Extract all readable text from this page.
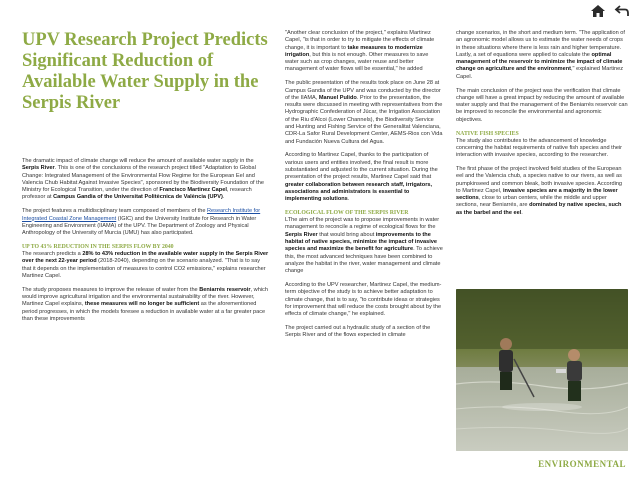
UPV Research Project Predicts Significant Reduction of Available Water Supply in the Serpis River

The dramatic impact of climate change will reduce the amount of available water supply in the Serpis River. This is one of the conclusions of the research project titled "Adaptation to Global Change: Integrated Management of the Environmental Flow Regime for the European Eel and Valencia Chub Habitat Against Invasive Species", sponsored by the Biodiversity Foundation of the Ministry for Ecological Transition, under the direction of Francisco Martinez Capel, research professor at Campus Gandia of the Universitat Politècnica de València (UPV).

The project features a multidisciplinary team composed of members of the Research Institute for Integrated Coastal Zone Management (IGIC) and the University Institute for Research in Water Engineering and Environment (IIAMA) of the UPV. The Department of Zoology and Physical Anthropology of the University of Murcia (UMU) has also participated.

UP TO 43% REDUCTION IN THE SERPIS FLOW BY 2040

The research predicts a 28% to 43% reduction in the available water supply in the Serpis River over the next 22-year period (2018-2040), depending on the scenario analyzed. "That is to say that it depends on the implementation of measures to control CO2 emissions," explains researcher Martinez Capel.

The study proposes measures to improve the release of water from the Beniarrés reservoir, which would improve agricultural irrigation and the environmental sustainability of the river. However, Martinez Capel explains, these measures will no longer be sufficient as the aforementioned period progresses, in which the models foresee a reduction in available water at a far greater pace than these improvements

"Another clear conclusion of the project," explains Martinez Capel, "is that in order to try to mitigate the effects of climate change, it is important to take measures to modernize irrigation, but this is not enough. Other measures to save water such as crop changes, water reuse and better management of water flows will be essential," he added

The public presentation of the results took place on June 28 at Campus Gandia of the UPV and was conducted by the director of the IIAMA, Manuel Pulido. Prior to the presentation, the results were discussed in meeting with representatives from the Hydrographic Confederation of Júcar, the Irrigation Association of the Riu d'Alcoi (Lower Channels), the Biodiversity Service and Hunting and Fishing Service of the Generalitat Valenciana, CDR-La Safor Rural Development Center, AEMS-Rios con Vida and Fundación Nueva Cultura del Agua.

According to Martinez Capel, thanks to the participation of various users and entities involved, the final result is more substantiated and adjusted to the current situation. During the presentation of the project results, Martinez Capel said that greater collaboration between research staff, irrigators, associations and administrators is essential to implementing solutions.

ECOLOGICAL FLOW OF THE SERPIS RIVER

LThe aim of the project was to propose improvements in water management to reconcile a regime of ecological flows for the Serpis River that would bring about improvements to the habitat of native species, minimize the impact of invasive species and maximize the benefit for agriculture. To achieve this, the most advanced techniques have been combined to analyze the habitat in the river, water management and climate change

According to the UPV researcher, Martinez Capel, the medium-term objective of the study is to achieve better adaptation to climate change, that is to say, "to contribute ideas or strategies for improvement that will reduce the costs brought about by the effects of climate change," he explained.

The project carried out a hydraulic study of a section of the Serpis River and of the flows expected in climate

change scenarios, in the short and medium term. "The application of an agronomic model allows us to estimate the water needs of crops in these situations where there is less rain and higher temperature. Lastly, a set of equations were applied to calculate the optimal management of the reservoir to minimize the impact of climate change on agriculture and the environment," explained Martinez Capel.

The main conclusion of the project was the verification that climate change will have a great impact by reducing the amount of available water supply and that the management of the Beniarrés reservoir can be improved to reconcile the environmental and agronomic objectives.

NATIVE FISH SPECIES

The study also contributes to the advancement of knowledge concerning the habitat requirements of native fish species and their interaction with invasive species, according to the researcher.

The first phase of the project involved field studies of the European eel and the Valencia chub, a species native to our rivers, as well as pumpkinseed and common bleak, both invasive species. According to Martinez Capel, invasive species are a majority in the lower sections, close to urban centers, while the middle and upper sections, near Beniarrés, are dominated by native species, such as the barbel and the eel.

ENVIRONMENTAL
